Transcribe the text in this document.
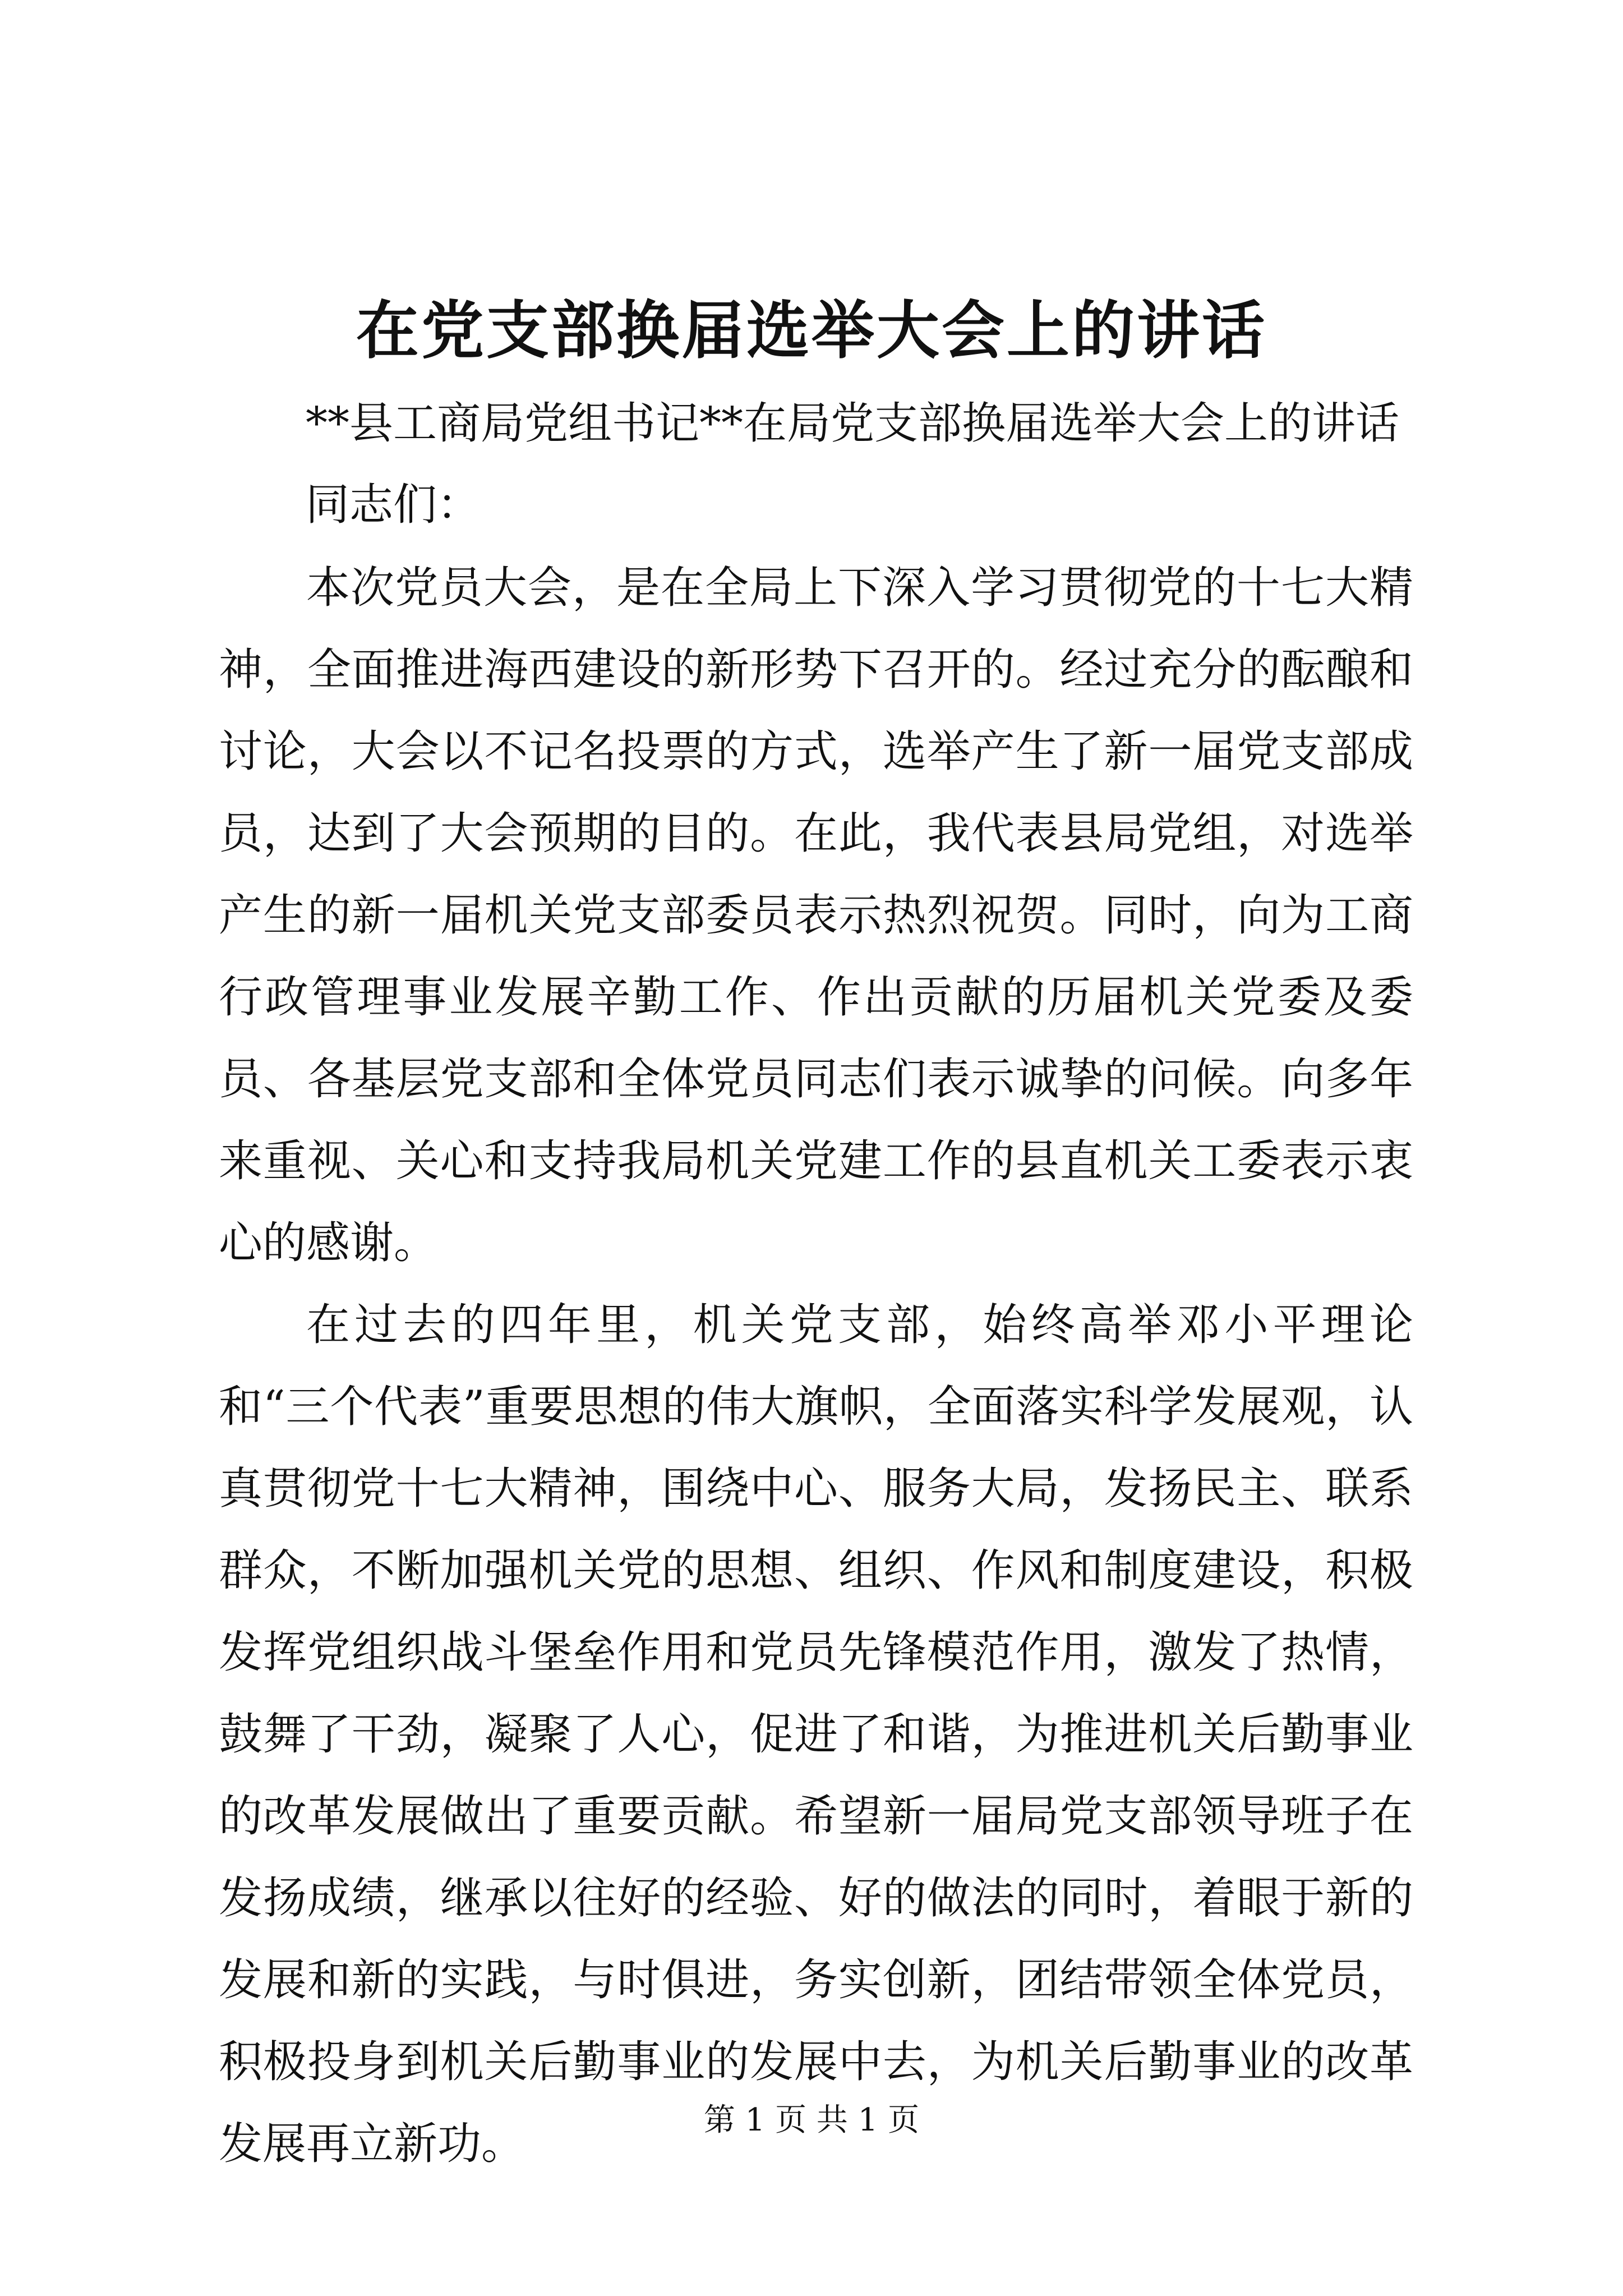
在党支部换届选举大会上的讲话
**县工商局党组书记**在局党支部换届选举大会上的讲话
同志们：

本次党员大会，是在全局上下深入学习贯彻党的十七大精神，全面推进海西建设的新形势下召开的。经过充分的酝酿和讨论，大会以不记名投票的方式，选举产生了新一届党支部成员，达到了大会预期的目的。在此，我代表县局党组，对选举产生的新一届机关党支部委员表示热烈祝贺。同时，向为工商行政管理事业发展辛勤工作、作出贡献的历届机关党委及委员、各基层党支部和全体党员同志们表示诚挚的问候。向多年来重视、关心和支持我局机关党建工作的县直机关工委表示衷心的感谢。

在过去的四年里，机关党支部，始终高举邓小平理论和“三个代表”重要思想的伟大旗帜，全面落实科学发展观，认真贯彻党十七大精神，围绕中心、服务大局，发扬民主、联系群众，不断加强机关党的思想、组织、作风和制度建设，积极发挥党组织战斗堡垒作用和党员先锋模范作用，激发了热情，鼓舞了干劲，凝聚了人心，促进了和谐，为推进机关后勤事业的改革发展做出了重要贡献。希望新一届局党支部领导班子在发扬成绩，继承以往好的经验、好的做法的同时，着眼于新的发展和新的实践，与时俱进，务实创新，团结带领全体党员，积极投身到机关后勤事业的发展中去，为机关后勤事业的改革发展再立新功。	第 1 页 共 1 页
